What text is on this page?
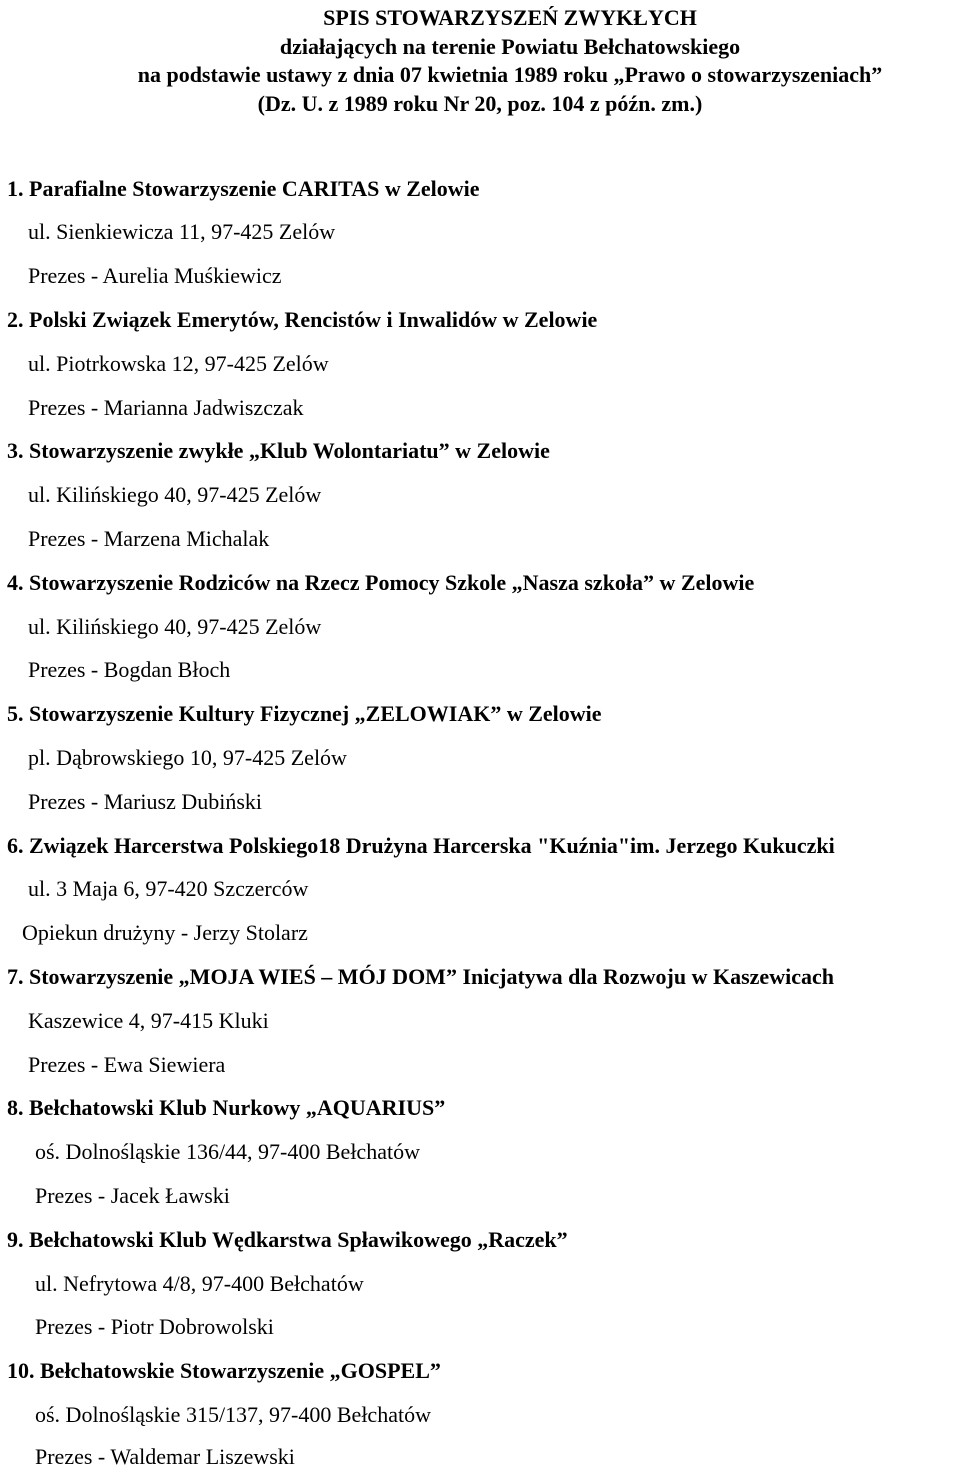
SPIS STOWARZYSZEŃ ZWYKŁYCH
działających na terenie Powiatu Bełchatowskiego
na podstawie ustawy z dnia 07 kwietnia 1989 roku „Prawo o stowarzyszeniach”
(Dz. U. z 1989 roku Nr 20, poz. 104 z późn. zm.)
1. Parafialne Stowarzyszenie CARITAS w Zelowie
ul. Sienkiewicza 11, 97-425 Zelów
Prezes - Aurelia Muśkiewicz
2. Polski Związek Emerytów, Rencistów i Inwalidów w Zelowie
ul. Piotrkowska 12, 97-425 Zelów
Prezes - Marianna Jadwiszczak
3. Stowarzyszenie zwykłe „Klub Wolontariatu” w Zelowie
ul. Kilińskiego 40, 97-425 Zelów
Prezes - Marzena Michalak
4. Stowarzyszenie Rodziców na Rzecz Pomocy Szkole „Nasza szkoła” w Zelowie
ul. Kilińskiego 40, 97-425 Zelów
Prezes - Bogdan Błoch
5. Stowarzyszenie Kultury Fizycznej „ZELOWIAK” w Zelowie
pl. Dąbrowskiego 10, 97-425 Zelów
Prezes - Mariusz Dubiński
6. Związek Harcerstwa Polskiego18 Drużyna Harcerska "Kuźnia"im. Jerzego Kukuczki
ul. 3 Maja 6, 97-420 Szczerców
Opiekun drużyny - Jerzy Stolarz
7. Stowarzyszenie „MOJA WIEŚ – MÓJ DOM” Inicjatywa dla Rozwoju w Kaszewicach
Kaszewice 4, 97-415 Kluki
Prezes - Ewa Siewiera
8. Bełchatowski Klub Nurkowy „AQUARIUS”
oś. Dolnośląskie 136/44, 97-400 Bełchatów
Prezes - Jacek Ławski
9. Bełchatowski Klub Wędkarstwa Spławikowego „Raczek”
ul. Nefrytowa 4/8, 97-400 Bełchatów
Prezes - Piotr Dobrowolski
10. Bełchatowskie Stowarzyszenie „GOSPEL”
oś. Dolnośląskie 315/137, 97-400 Bełchatów
Prezes - Waldemar Liszewski
